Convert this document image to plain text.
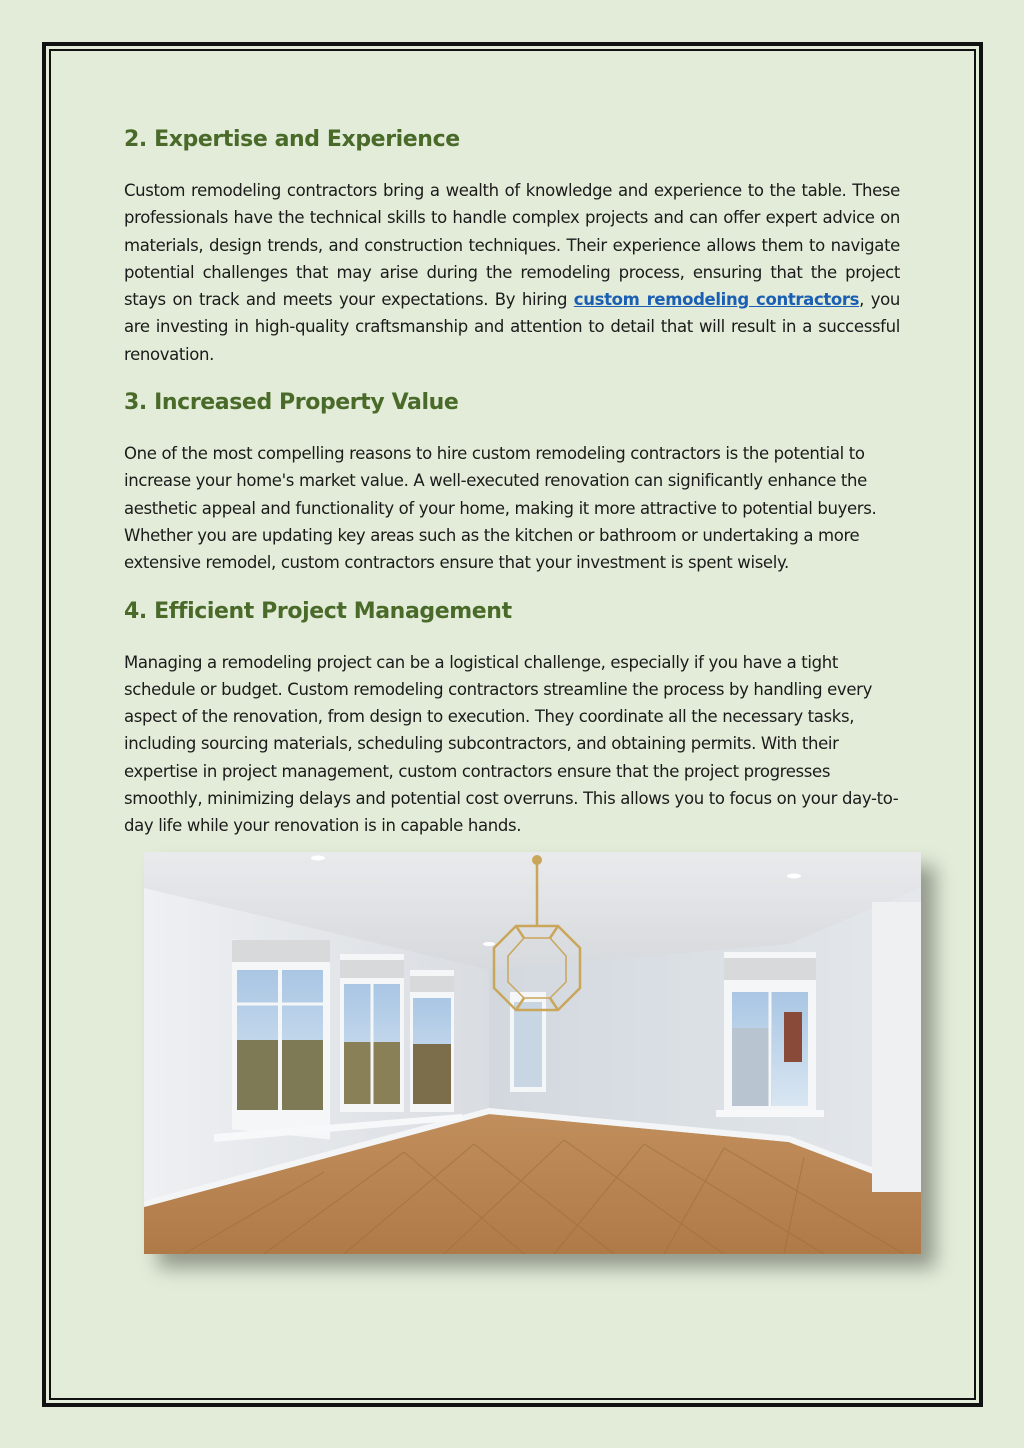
2. Expertise and Experience

Custom remodeling contractors bring a wealth of knowledge and experience to the table. These professionals have the technical skills to handle complex projects and can offer expert advice on materials, design trends, and construction techniques. Their experience allows them to navigate potential challenges that may arise during the remodeling process, ensuring that the project stays on track and meets your expectations. By hiring custom remodeling contractors, you are investing in high-quality craftsmanship and attention to detail that will result in a successful renovation.

3. Increased Property Value

One of the most compelling reasons to hire custom remodeling contractors is the potential to increase your home's market value. A well-executed renovation can significantly enhance the aesthetic appeal and functionality of your home, making it more attractive to potential buyers. Whether you are updating key areas such as the kitchen or bathroom or undertaking a more extensive remodel, custom contractors ensure that your investment is spent wisely.

4. Efficient Project Management

Managing a remodeling project can be a logistical challenge, especially if you have a tight schedule or budget. Custom remodeling contractors streamline the process by handling every aspect of the renovation, from design to execution. They coordinate all the necessary tasks, including sourcing materials, scheduling subcontractors, and obtaining permits. With their expertise in project management, custom contractors ensure that the project progresses smoothly, minimizing delays and potential cost overruns. This allows you to focus on your day-to-day life while your renovation is in capable hands.
